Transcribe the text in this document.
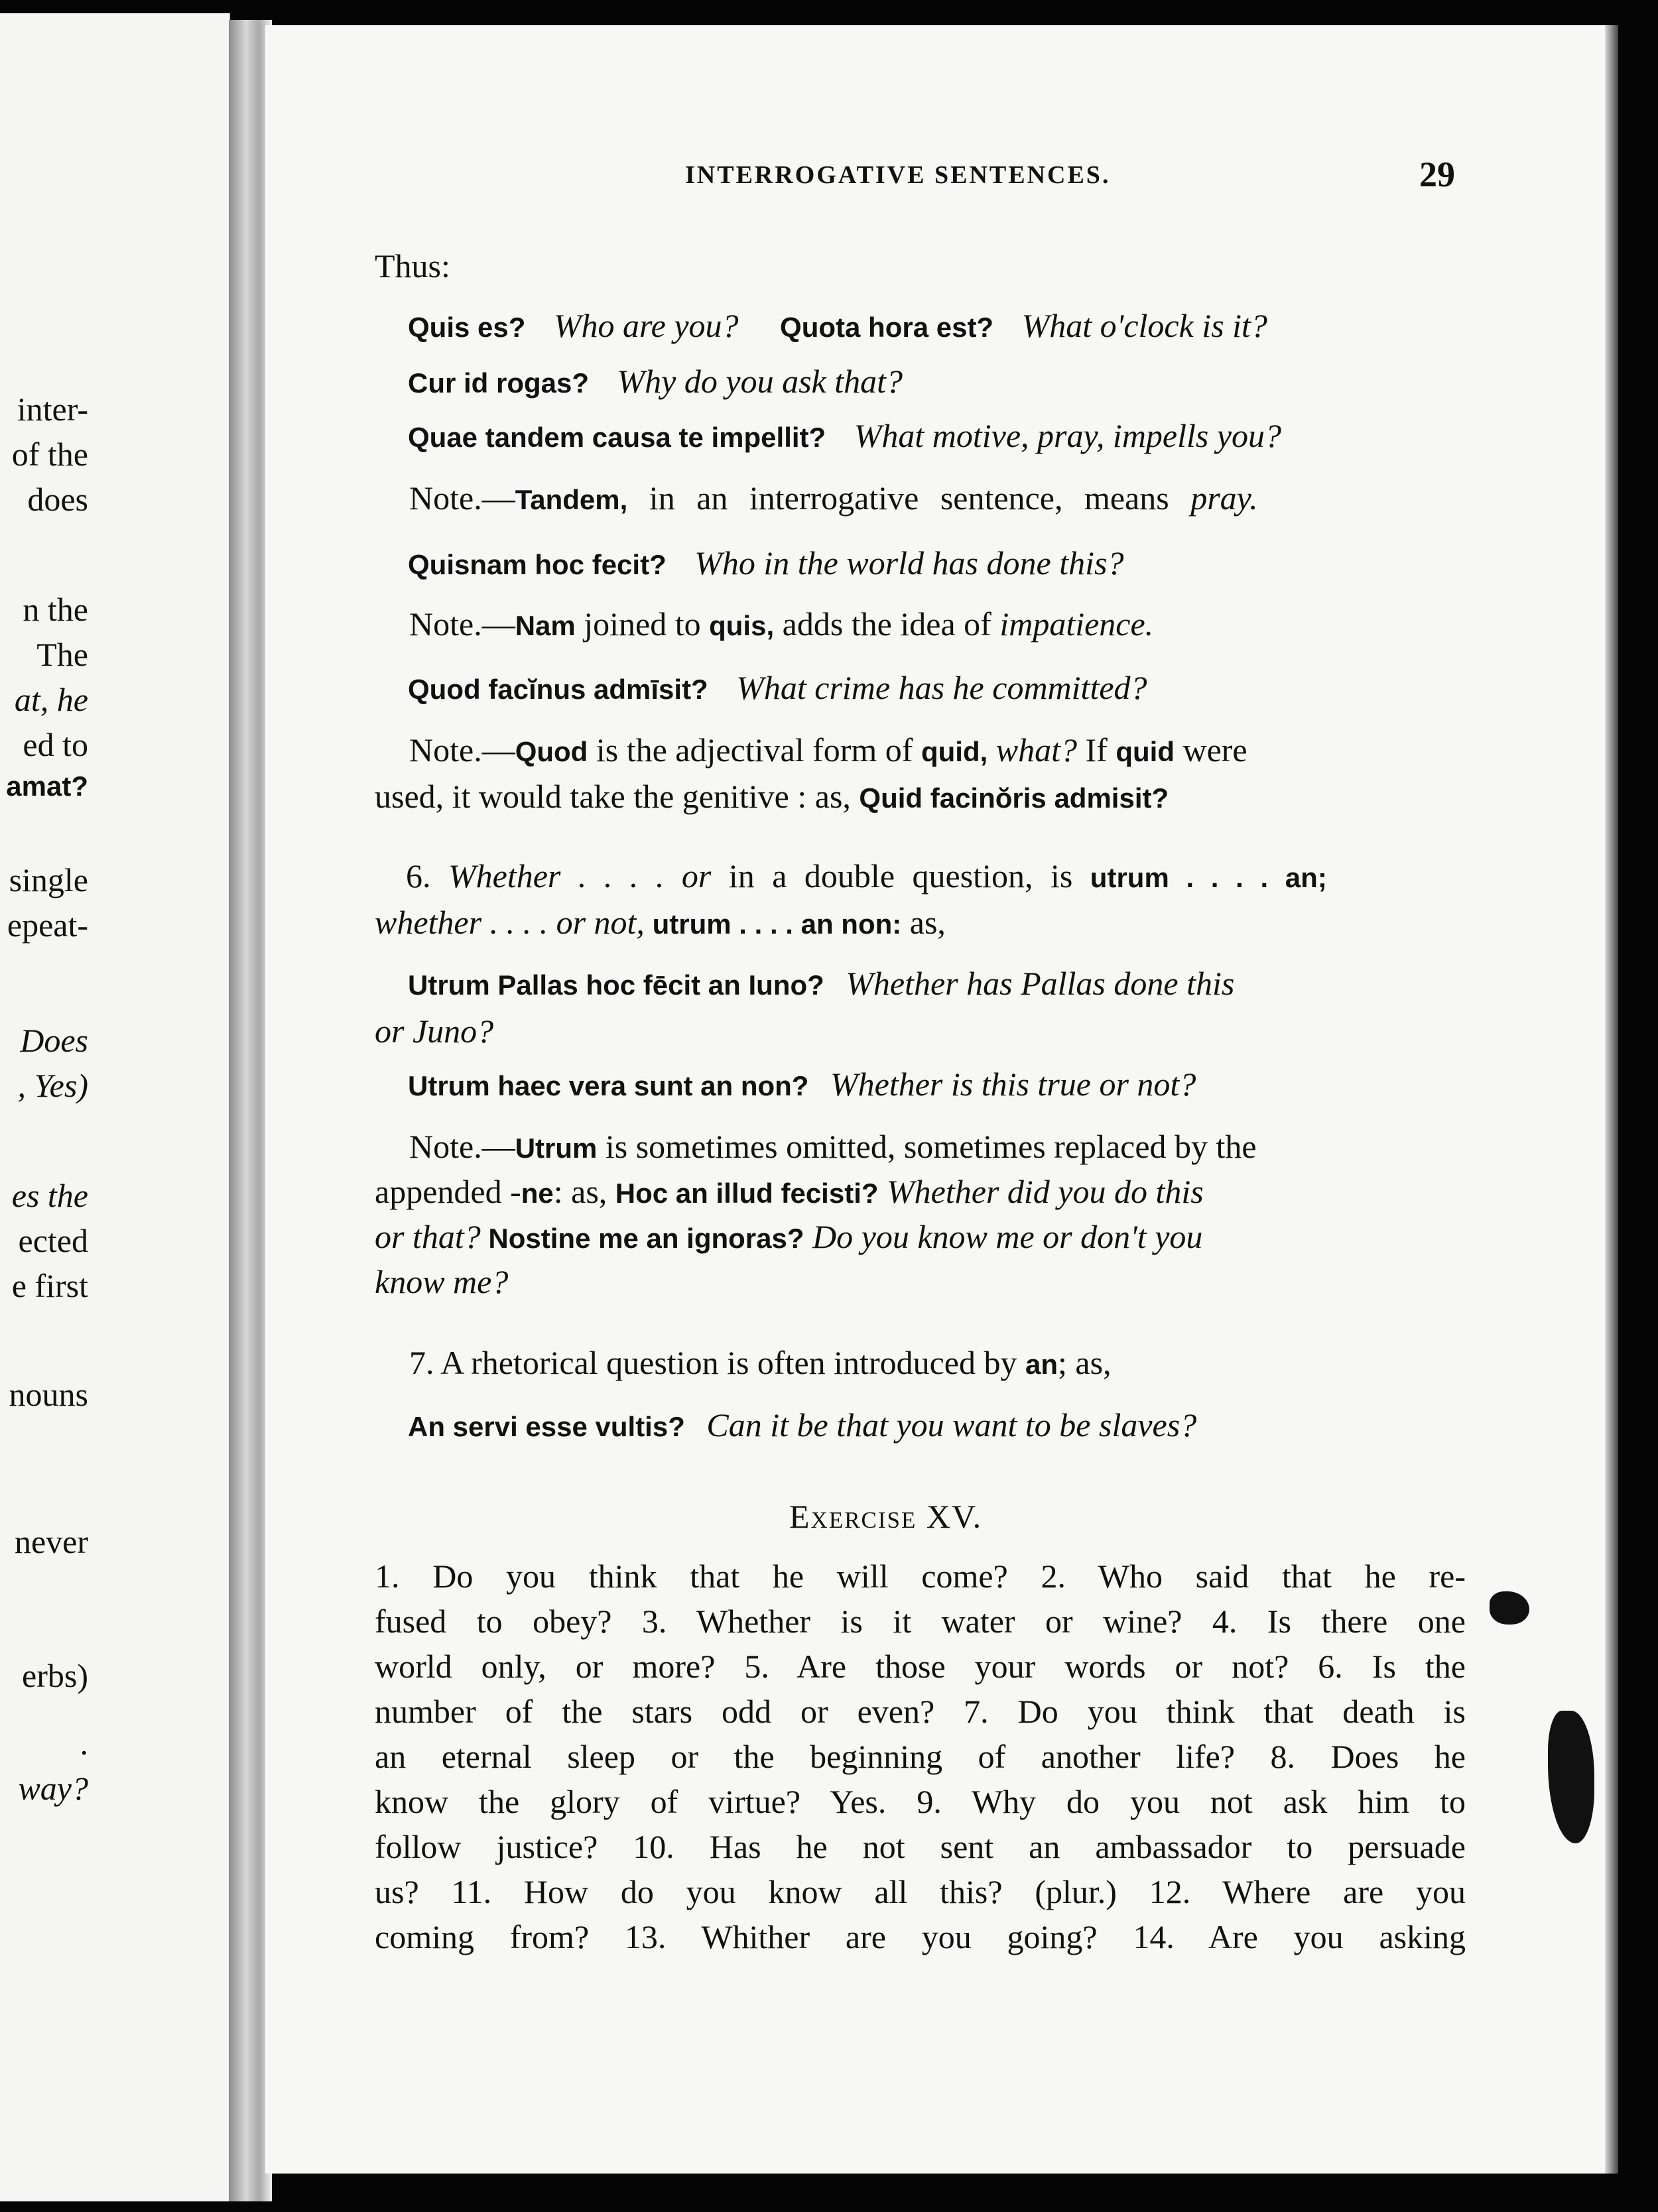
inter-
of the
does
n the
The
at, he
ed to
amat?
single
epeat-
Does
, Yes)
es the
ected
e first
nouns
never
erbs)
.
way?
INTERROGATIVE SENTENCES.	29
Thus:
Quis es? Who are you? Quota hora est? What o'clock is it?
Cur id rogas? Why do you ask that?
Quae tandem causa te impellit? What motive, pray, impells you?
Note.—Tandem, in an interrogative sentence, means pray.
Quisnam hoc fecit? Who in the world has done this?
Note.—Nam joined to quis, adds the idea of impatience.
Quod facĭnus admīsit? What crime has he committed?
Note.—Quod is the adjectival form of quid, what? If quid were
used, it would take the genitive : as, Quid facinŏris admisit?
6. Whether . . . . or in a double question, is utrum . . . . an;
whether . . . . or not, utrum . . . . an non: as,
Utrum Pallas hoc fēcit an Iuno? Whether has Pallas done this
or Juno?
Utrum haec vera sunt an non? Whether is this true or not?
Note.—Utrum is sometimes omitted, sometimes replaced by the
appended -ne: as, Hoc an illud fecisti? Whether did you do this
or that? Nostine me an ignoras? Do you know me or don't you
know me?
7. A rhetorical question is often introduced by an; as,
An servi esse vultis? Can it be that you want to be slaves?
Exercise XV.
1. Do you think that he will come? 2. Who said that he re-
fused to obey? 3. Whether is it water or wine? 4. Is there one
world only, or more? 5. Are those your words or not? 6. Is the
number of the stars odd or even? 7. Do you think that death is
an eternal sleep or the beginning of another life? 8. Does he
know the glory of virtue? Yes. 9. Why do you not ask him to
follow justice? 10. Has he not sent an ambassador to persuade
us? 11. How do you know all this? (plur.) 12. Where are you
coming from? 13. Whither are you going? 14. Are you asking
